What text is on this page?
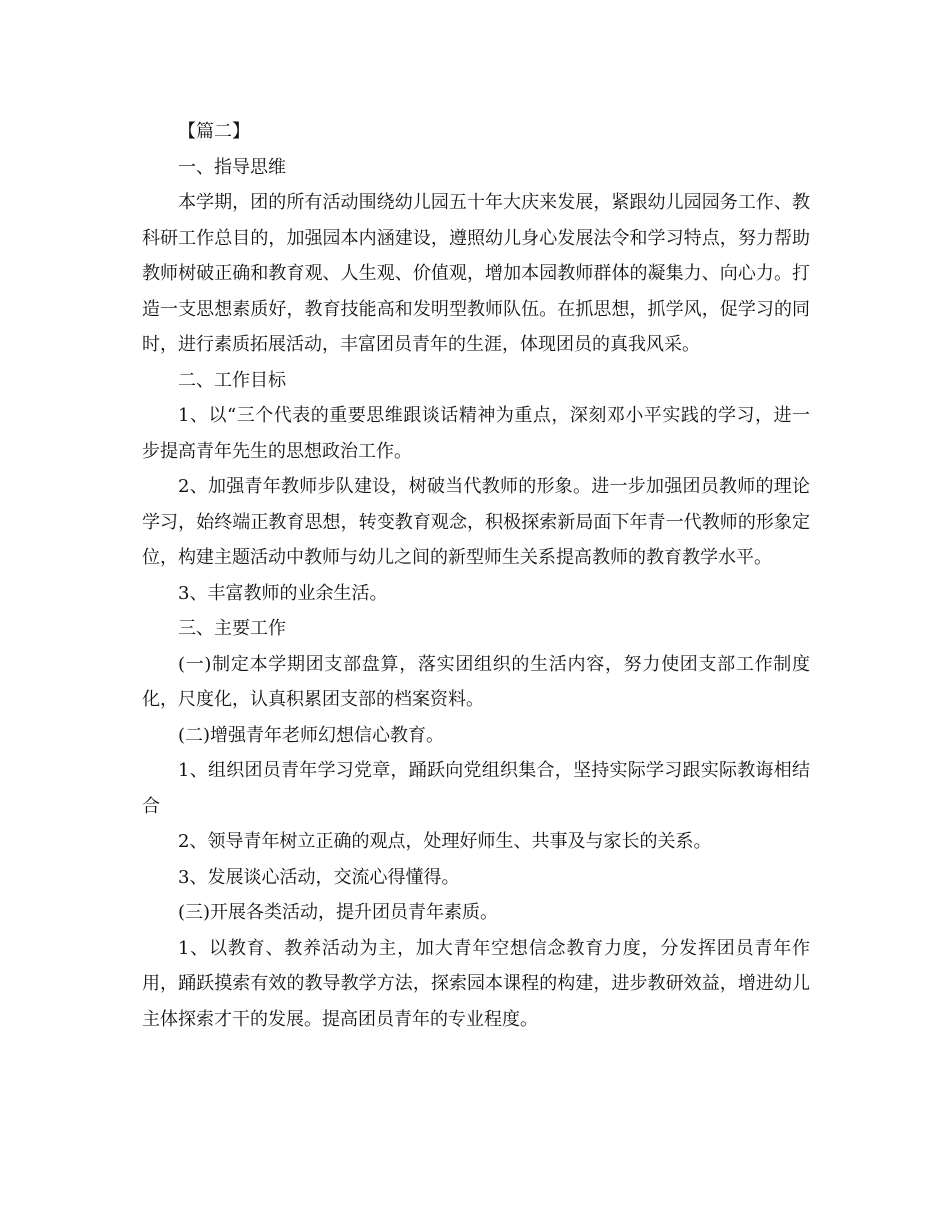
【篇二】

一、指导思维

本学期，团的所有活动围绕幼儿园五十年大庆来发展，紧跟幼儿园园务工作、教科研工作总目的，加强园本内涵建设，遵照幼儿身心发展法令和学习特点，努力帮助教师树破正确和教育观、人生观、价值观，增加本园教师群体的凝集力、向心力。打造一支思想素质好，教育技能高和发明型教师队伍。在抓思想，抓学风，促学习的同时，进行素质拓展活动，丰富团员青年的生涯，体现团员的真我风采。

二、工作目标

1、以“三个代表的重要思维跟谈话精神为重点，深刻邓小平实践的学习，进一步提高青年先生的思想政治工作。

2、加强青年教师步队建设，树破当代教师的形象。进一步加强团员教师的理论学习，始终端正教育思想，转变教育观念，积极探索新局面下年青一代教师的形象定位，构建主题活动中教师与幼儿之间的新型师生关系提高教师的教育教学水平。

3、丰富教师的业余生活。

三、主要工作

(一)制定本学期团支部盘算，落实团组织的生活内容，努力使团支部工作制度化，尺度化，认真积累团支部的档案资料。

(二)增强青年老师幻想信心教育。

1、组织团员青年学习党章，踊跃向党组织集合，坚持实际学习跟实际教诲相结合

2、领导青年树立正确的观点，处理好师生、共事及与家长的关系。

3、发展谈心活动，交流心得懂得。

(三)开展各类活动，提升团员青年素质。

1、以教育、教养活动为主，加大青年空想信念教育力度，分发挥团员青年作用，踊跃摸索有效的教导教学方法，探索园本课程的构建，进步教研效益，增进幼儿主体探索才干的发展。提高团员青年的专业程度。
